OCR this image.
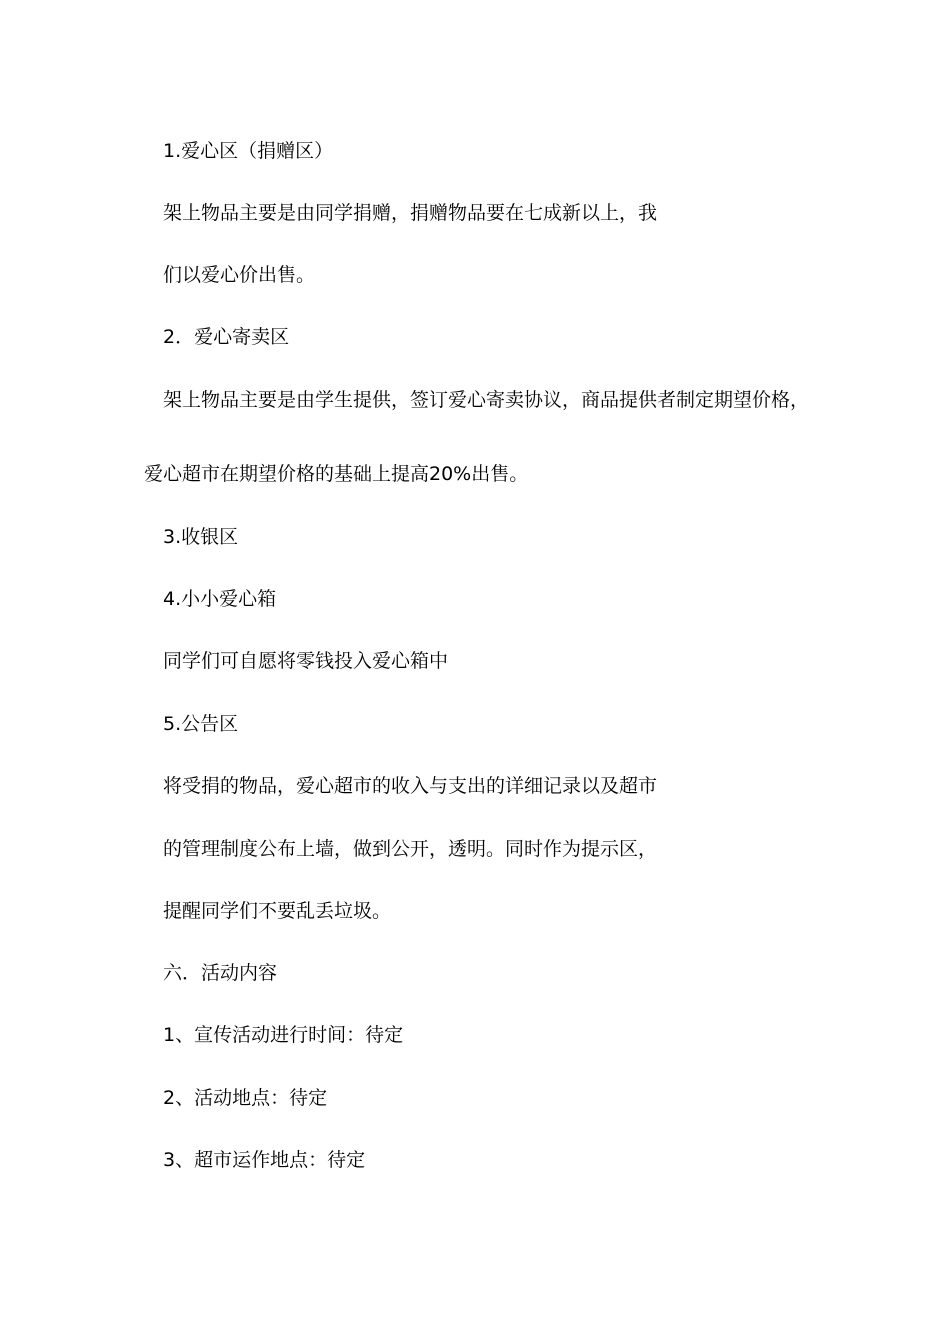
1.爱心区（捐赠区）
架上物品主要是由同学捐赠，捐赠物品要在七成新以上，我
们以爱心价出售。
2．爱心寄卖区
架上物品主要是由学生提供，签订爱心寄卖协议，商品提供者制定期望价格，
爱心超市在期望价格的基础上提高20%出售。
3.收银区
4.小小爱心箱
同学们可自愿将零钱投入爱心箱中
5.公告区
将受捐的物品，爱心超市的收入与支出的详细记录以及超市
的管理制度公布上墙，做到公开，透明。同时作为提示区，
提醒同学们不要乱丢垃圾。
六．活动内容
1、宣传活动进行时间：待定
2、活动地点：待定
3、超市运作地点：待定
